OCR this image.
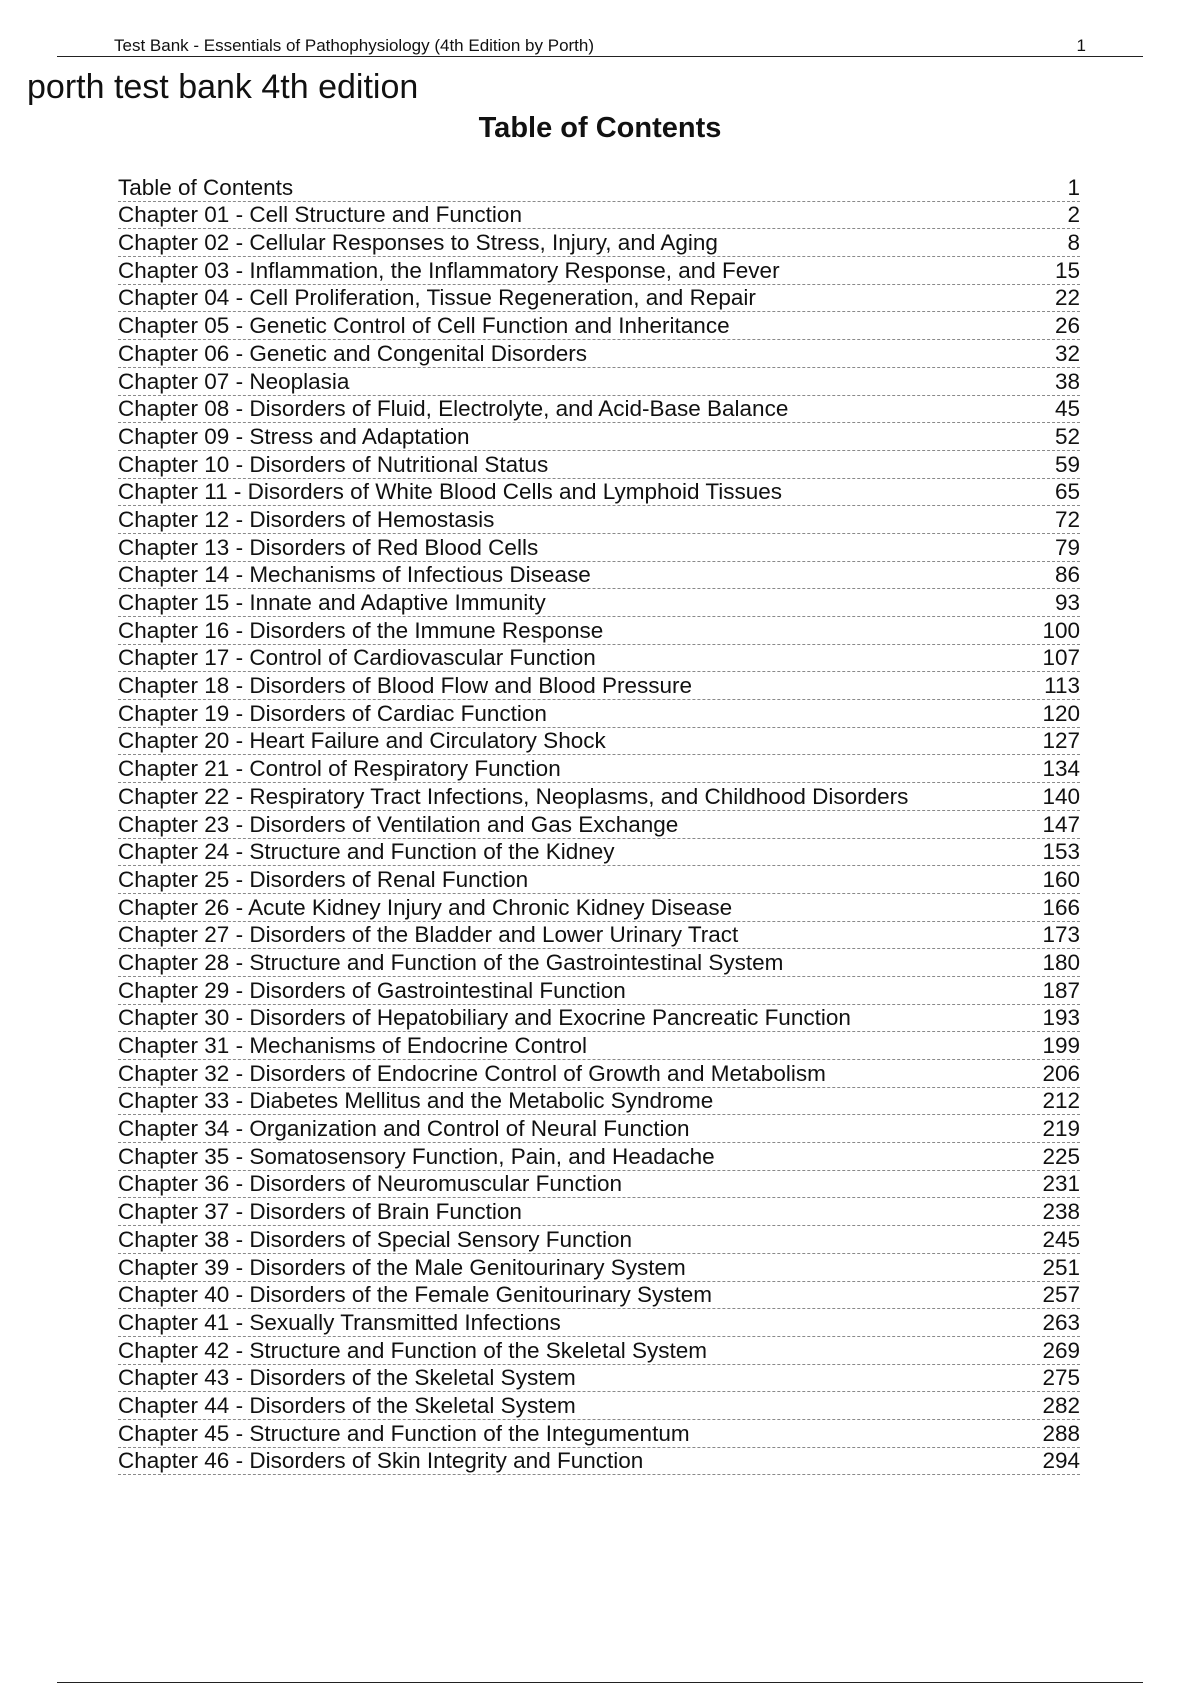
Test Bank - Essentials of Pathophysiology (4th Edition by Porth)	1
porth test bank 4th edition
Table of Contents
Table of Contents	1
Chapter 01 - Cell Structure and Function	2
Chapter 02 - Cellular Responses to Stress, Injury, and Aging	8
Chapter 03 - Inflammation, the Inflammatory Response, and Fever	15
Chapter 04 - Cell Proliferation, Tissue Regeneration, and Repair	22
Chapter 05 - Genetic Control of Cell Function and Inheritance	26
Chapter 06 - Genetic and Congenital Disorders	32
Chapter 07 - Neoplasia	38
Chapter 08 - Disorders of Fluid, Electrolyte, and Acid-Base Balance	45
Chapter 09 - Stress and Adaptation	52
Chapter 10 - Disorders of Nutritional Status	59
Chapter 11 - Disorders of White Blood Cells and Lymphoid Tissues	65
Chapter 12 - Disorders of Hemostasis	72
Chapter 13 - Disorders of Red Blood Cells	79
Chapter 14 - Mechanisms of Infectious Disease	86
Chapter 15 - Innate and Adaptive Immunity	93
Chapter 16 - Disorders of the Immune Response	100
Chapter 17 - Control of Cardiovascular Function	107
Chapter 18 - Disorders of Blood Flow and Blood Pressure	113
Chapter 19 - Disorders of Cardiac Function	120
Chapter 20 - Heart Failure and Circulatory Shock	127
Chapter 21 - Control of Respiratory Function	134
Chapter 22 - Respiratory Tract Infections, Neoplasms, and Childhood Disorders	140
Chapter 23 - Disorders of Ventilation and Gas Exchange	147
Chapter 24 - Structure and Function of the Kidney	153
Chapter 25 - Disorders of Renal Function	160
Chapter 26 - Acute Kidney Injury and Chronic Kidney Disease	166
Chapter 27 - Disorders of the Bladder and Lower Urinary Tract	173
Chapter 28 - Structure and Function of the Gastrointestinal System	180
Chapter 29 - Disorders of Gastrointestinal Function	187
Chapter 30 - Disorders of Hepatobiliary and Exocrine Pancreatic Function	193
Chapter 31 - Mechanisms of Endocrine Control	199
Chapter 32 - Disorders of Endocrine Control of Growth and Metabolism	206
Chapter 33 - Diabetes Mellitus and the Metabolic Syndrome	212
Chapter 34 - Organization and Control of Neural Function	219
Chapter 35 - Somatosensory Function, Pain, and Headache	225
Chapter 36 - Disorders of Neuromuscular Function	231
Chapter 37 - Disorders of Brain Function	238
Chapter 38 - Disorders of Special Sensory Function	245
Chapter 39 - Disorders of the Male Genitourinary System	251
Chapter 40 - Disorders of the Female Genitourinary System	257
Chapter 41 - Sexually Transmitted Infections	263
Chapter 42 - Structure and Function of the Skeletal System	269
Chapter 43 - Disorders of the Skeletal System	275
Chapter 44 - Disorders of the Skeletal System	282
Chapter 45 - Structure and Function of the Integumentum	288
Chapter 46 - Disorders of Skin Integrity and Function	294
